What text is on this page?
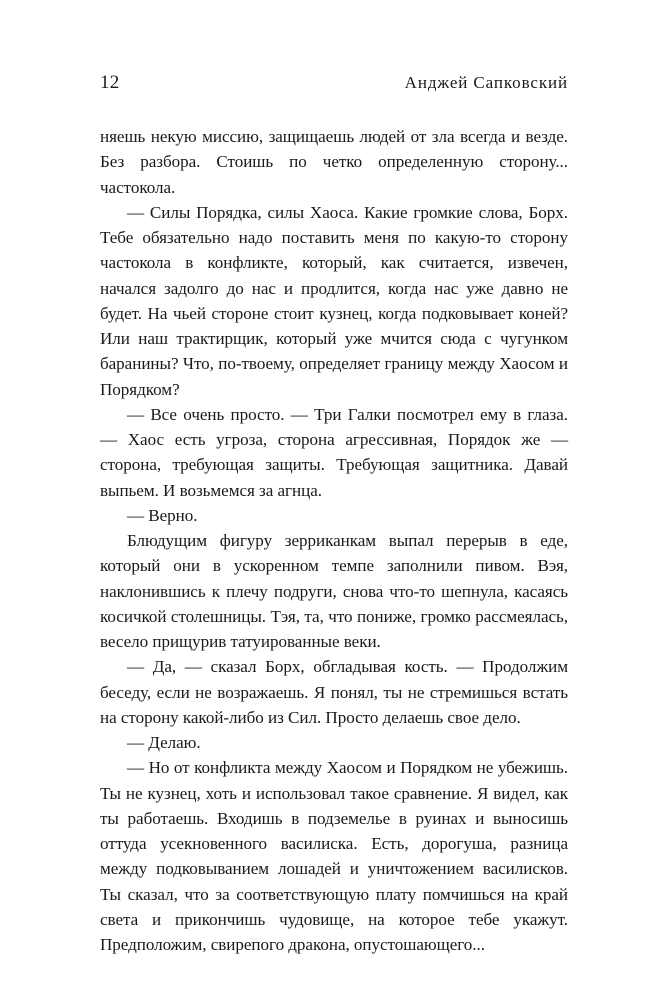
12	Анджей Сапковский

няешь некую миссию, защищаешь людей от зла всегда и везде. Без разбора. Стоишь по четко определенную сторону... частокола.

— Силы Порядка, силы Хаоса. Какие громкие слова, Борх. Тебе обязательно надо поставить меня по какую-то сторону частокола в конфликте, который, как считается, извечен, начался задолго до нас и продлится, когда нас уже давно не будет. На чьей стороне стоит кузнец, когда подковывает коней? Или наш трактирщик, который уже мчится сюда с чугунком баранины? Что, по-твоему, определяет границу между Хаосом и Порядком?

— Все очень просто. — Три Галки посмотрел ему в глаза. — Хаос есть угроза, сторона агрессивная, Порядок же — сторона, требующая защиты. Требующая защитника. Давай выпьем. И возьмемся за агнца.

— Верно.

Блюдущим фигуру зерриканкам выпал перерыв в еде, который они в ускоренном темпе заполнили пивом. Вэя, наклонившись к плечу подруги, снова что-то шепнула, касаясь косичкой столешницы. Тэя, та, что пониже, громко рассмеялась, весело прищурив татуированные веки.

— Да, — сказал Борх, обгладывая кость. — Продолжим беседу, если не возражаешь. Я понял, ты не стремишься встать на сторону какой-либо из Сил. Просто делаешь свое дело.

— Делаю.

— Но от конфликта между Хаосом и Порядком не убежишь. Ты не кузнец, хоть и использовал такое сравнение. Я видел, как ты работаешь. Входишь в подземелье в руинах и выносишь оттуда усекновенного василиска. Есть, дорогуша, разница между подковыванием лошадей и уничтожением василисков. Ты сказал, что за соответствующую плату помчишься на край света и прикончишь чудовище, на которое тебе укажут. Предположим, свирепого дракона, опустошающего...
